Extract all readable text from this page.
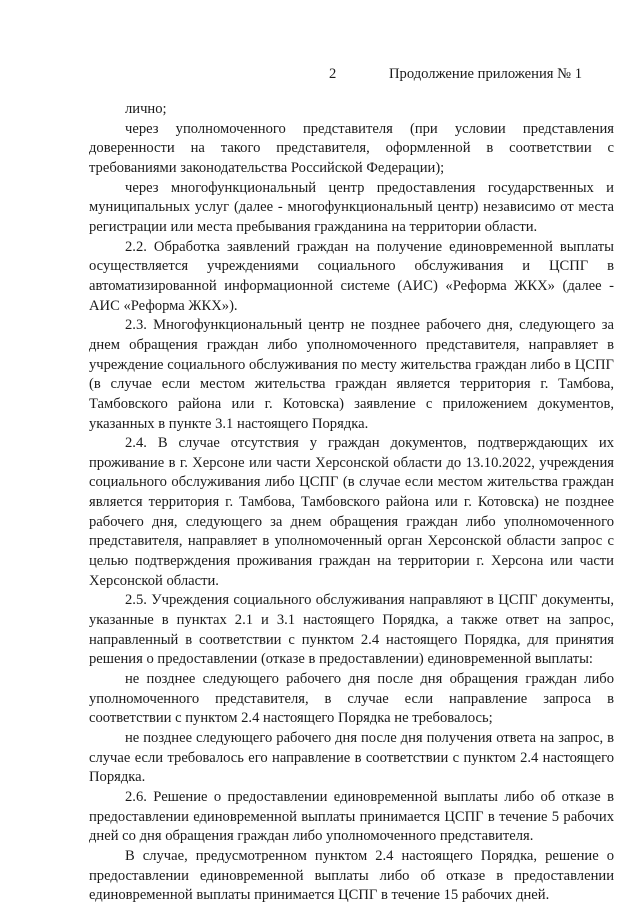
2	Продолжение приложения № 1

лично;

через уполномоченного представителя (при условии представления доверенности на такого представителя, оформленной в соответствии с требованиями законодательства Российской Федерации);

через многофункциональный центр предоставления государственных и муниципальных услуг (далее - многофункциональный центр) независимо от места регистрации или места пребывания гражданина на территории области.

2.2. Обработка заявлений граждан на получение единовременной выплаты осуществляется учреждениями социального обслуживания и ЦСПГ в автоматизированной информационной системе (АИС) «Реформа ЖКХ» (далее - АИС «Реформа ЖКХ»).

2.3. Многофункциональный центр не позднее рабочего дня, следующего за днем обращения граждан либо уполномоченного представителя, направляет в учреждение социального обслуживания по месту жительства граждан либо в ЦСПГ (в случае если местом жительства граждан является территория г. Тамбова, Тамбовского района или г. Котовска) заявление с приложением документов, указанных в пункте 3.1 настоящего Порядка.

2.4. В случае отсутствия у граждан документов, подтверждающих их проживание в г. Херсоне или части Херсонской области до 13.10.2022, учреждения социального обслуживания либо ЦСПГ (в случае если местом жительства граждан является территория г. Тамбова, Тамбовского района или г. Котовска) не позднее рабочего дня, следующего за днем обращения граждан либо уполномоченного представителя, направляет в уполномоченный орган Херсонской области запрос с целью подтверждения проживания граждан на территории г. Херсона или части Херсонской области.

2.5. Учреждения социального обслуживания направляют в ЦСПГ документы, указанные в пунктах 2.1 и 3.1 настоящего Порядка, а также ответ на запрос, направленный в соответствии с пунктом 2.4 настоящего Порядка, для принятия решения о предоставлении (отказе в предоставлении) единовременной выплаты:

не позднее следующего рабочего дня после дня обращения граждан либо уполномоченного представителя, в случае если направление запроса в соответствии с пунктом 2.4 настоящего Порядка не требовалось;

не позднее следующего рабочего дня после дня получения ответа на запрос, в случае если требовалось его направление в соответствии с пунктом 2.4 настоящего Порядка.

2.6. Решение о предоставлении единовременной выплаты либо об отказе в предоставлении единовременной выплаты принимается ЦСПГ в течение 5 рабочих дней со дня обращения граждан либо уполномоченного представителя.

В случае, предусмотренном пунктом 2.4 настоящего Порядка, решение о предоставлении единовременной выплаты либо об отказе в предоставлении единовременной выплаты принимается ЦСПГ в течение 15 рабочих дней.
